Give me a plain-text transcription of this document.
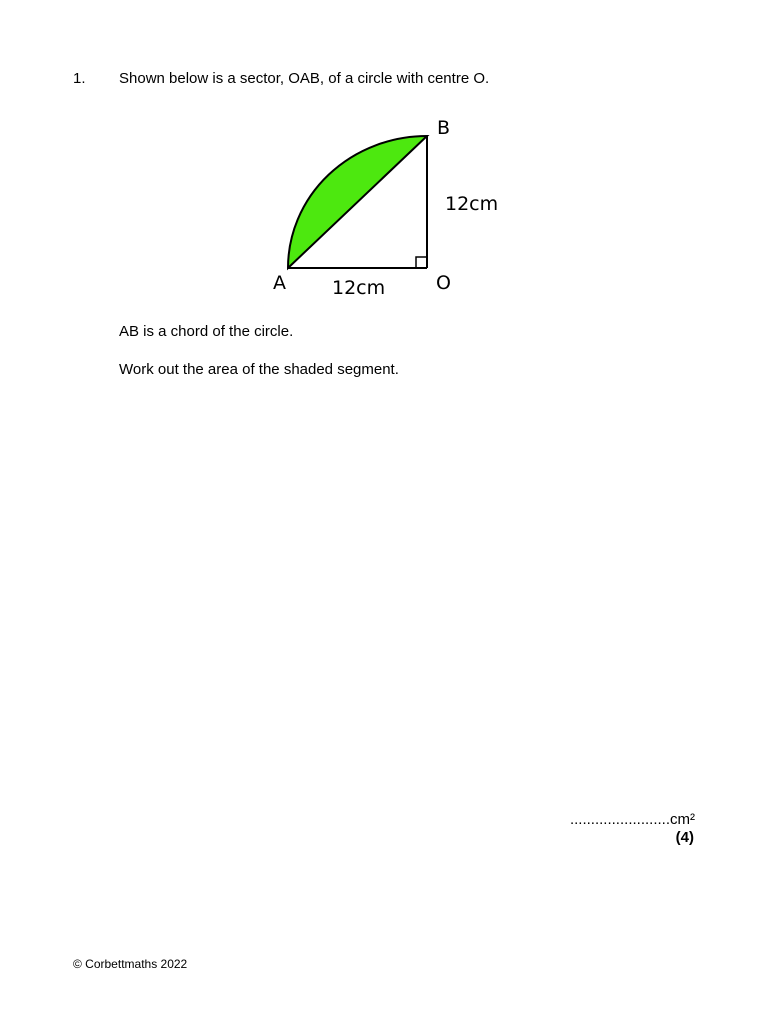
1. Shown below is a sector, OAB, of a circle with centre O.
B
A	O
12cm
12cm
AB is a chord of the circle.
Work out the area of the shaded segment.
........................cm²
(4)
© Corbettmaths 2022
